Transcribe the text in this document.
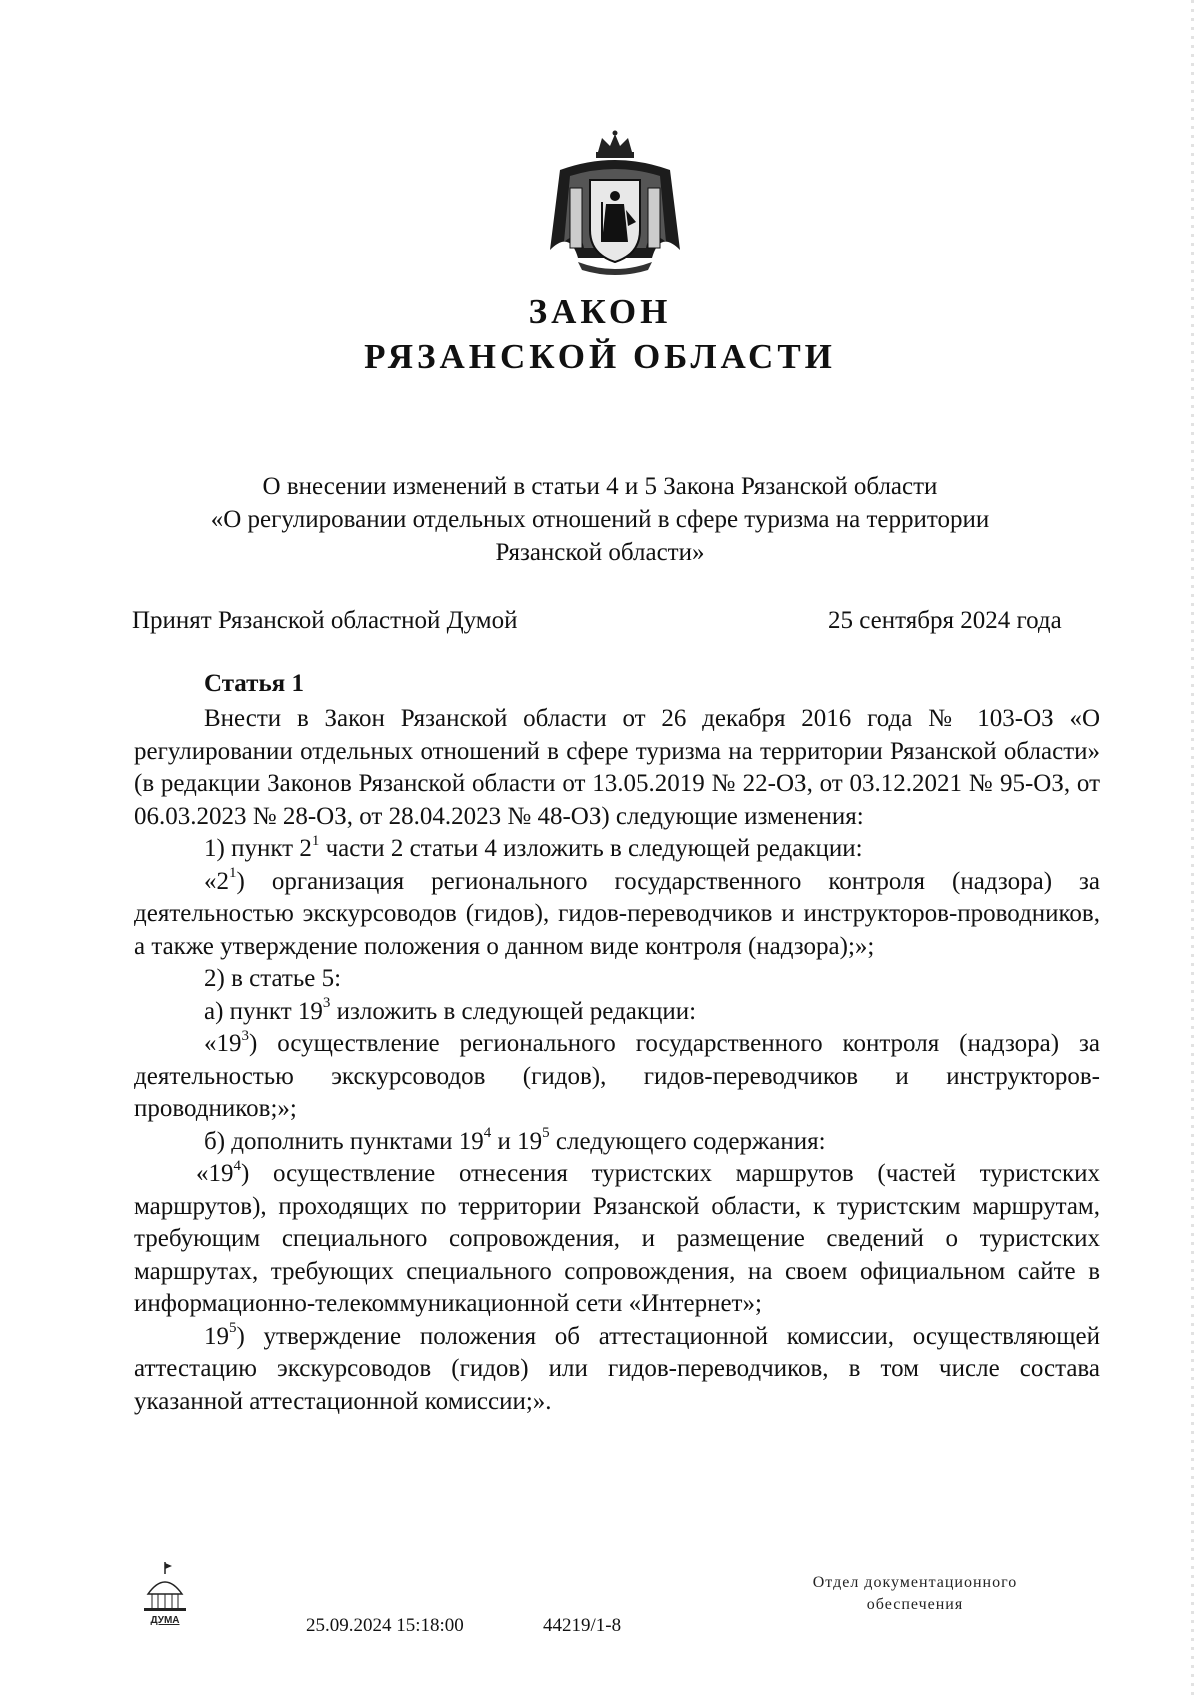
ЗАКОН
РЯЗАНСКОЙ ОБЛАСТИ
О внесении изменений в статьи 4 и 5 Закона Рязанской области
«О регулировании отдельных отношений в сфере туризма на территории
Рязанской области»
Принят Рязанской областной Думой	25 сентября 2024 года
Статья 1

Внести в Закон Рязанской области от 26 декабря 2016 года № 103-ОЗ «О регулировании отдельных отношений в сфере туризма на территории Рязанской области» (в редакции Законов Рязанской области от 13.05.2019 № 22-ОЗ, от 03.12.2021 № 95-ОЗ, от 06.03.2023 № 28-ОЗ, от 28.04.2023 № 48-ОЗ) следующие изменения:

1) пункт $2^1$ части 2 статьи 4 изложить в следующей редакции:

«$2^1$) организация регионального государственного контроля (надзора) за деятельностью экскурсоводов (гидов), гидов-переводчиков и инструкторов-проводников, а также утверждение положения о данном виде контроля (надзора);»;

2) в статье 5:

а) пункт $19^3$ изложить в следующей редакции:

«$19^3$) осуществление регионального государственного контроля (надзора) за деятельностью экскурсоводов (гидов), гидов-переводчиков и инструкторов-проводников;»;

б) дополнить пунктами $19^4$ и $19^5$ следующего содержания:

«$19^4$) осуществление отнесения туристских маршрутов (частей туристских маршрутов), проходящих по территории Рязанской области, к туристским маршрутам, требующим специального сопровождения, и размещение сведений о туристских маршрутах, требующих специального сопровождения, на своем официальном сайте в информационно-телекоммуникационной сети «Интернет»;

$19^5$) утверждение положения об аттестационной комиссии, осуществляющей аттестацию экскурсоводов (гидов) или гидов-переводчиков, в том числе состава указанной аттестационной комиссии;».

ДУМА	25.09.2024 15:18:00	44219/1-8
Отдел документационного
обеспечения
